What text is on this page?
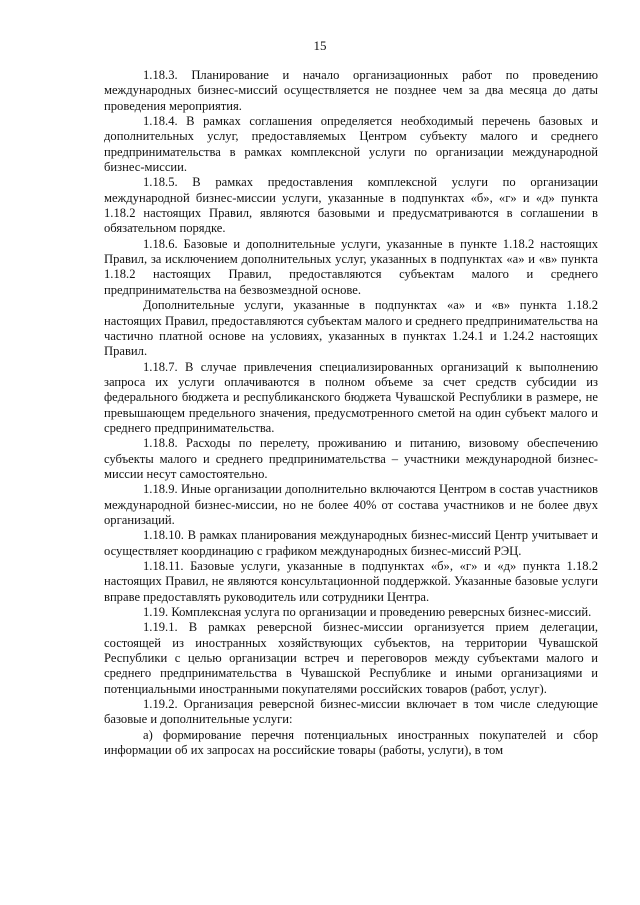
15

1.18.3. Планирование и начало организационных работ по проведению международных бизнес-миссий осуществляется не позднее чем за два месяца до даты проведения мероприятия.

1.18.4. В рамках соглашения определяется необходимый перечень базовых и дополнительных услуг, предоставляемых Центром субъекту малого и среднего предпринимательства в рамках комплексной услуги по организации международной бизнес-миссии.

1.18.5. В рамках предоставления комплексной услуги по организации международной бизнес-миссии услуги, указанные в подпунктах «б», «г» и «д» пункта 1.18.2 настоящих Правил, являются базовыми и предусматриваются в соглашении в обязательном порядке.

1.18.6. Базовые и дополнительные услуги, указанные в пункте 1.18.2 настоящих Правил, за исключением дополнительных услуг, указанных в подпунктах «а» и «в» пункта 1.18.2 настоящих Правил, предоставляются субъектам малого и среднего предпринимательства на безвозмездной основе.

Дополнительные услуги, указанные в подпунктах «а» и «в» пункта 1.18.2 настоящих Правил, предоставляются субъектам малого и среднего предпринимательства на частично платной основе на условиях, указанных в пунктах 1.24.1 и 1.24.2 настоящих Правил.

1.18.7. В случае привлечения специализированных организаций к выполнению запроса их услуги оплачиваются в полном объеме за счет средств субсидии из федерального бюджета и республиканского бюджета Чувашской Республики в размере, не превышающем предельного значения, предусмотренного сметой на один субъект малого и среднего предпринимательства.

1.18.8. Расходы по перелету, проживанию и питанию, визовому обеспечению субъекты малого и среднего предпринимательства – участники международной бизнес-миссии несут самостоятельно.

1.18.9. Иные организации дополнительно включаются Центром в состав участников международной бизнес-миссии, но не более 40% от состава участников и не более двух организаций.

1.18.10. В рамках планирования международных бизнес-миссий Центр учитывает и осуществляет координацию с графиком международных бизнес-миссий РЭЦ.

1.18.11. Базовые услуги, указанные в подпунктах «б», «г» и «д» пункта 1.18.2 настоящих Правил, не являются консультационной поддержкой. Указанные базовые услуги вправе предоставлять руководитель или сотрудники Центра.

1.19. Комплексная услуга по организации и проведению реверсных бизнес-миссий.

1.19.1. В рамках реверсной бизнес-миссии организуется прием делегации, состоящей из иностранных хозяйствующих субъектов, на территории Чувашской Республики с целью организации встреч и переговоров между субъектами малого и среднего предпринимательства в Чувашской Республике и иными организациями и потенциальными иностранными покупателями российских товаров (работ, услуг).

1.19.2. Организация реверсной бизнес-миссии включает в том числе следующие базовые и дополнительные услуги:

а) формирование перечня потенциальных иностранных покупателей и сбор информации об их запросах на российские товары (работы, услуги), в том
